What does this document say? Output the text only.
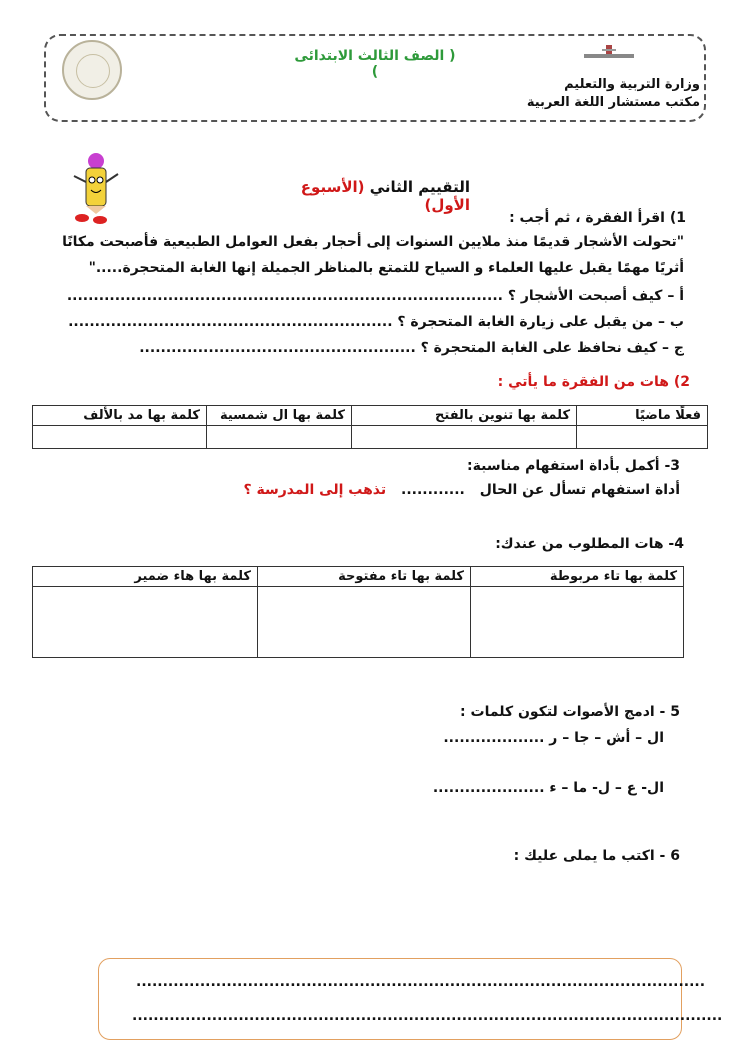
( الصف الثالث الابتدائى )
وزارة التربية والتعليم
مكتب مستشار اللغة العربية
التقييم الثاني (الأسبوع الأول)
1) اقرأ الفقرة ، ثم أجب :
"تحولت الأشجار قديمًا منذ ملايين السنوات إلى أحجار بفعل العوامل الطبيعية فأصبحت مكانًا
أثريًا مهمًا يقبل عليها العلماء و السياح للتمتع بالمناظر الجميلة إنها الغابة المتحجرة....."
أ – كيف أصبحت الأشجار ؟ ..................................................................................
ب – من يقبل على زيارة الغابة المتحجرة ؟ .............................................................
ج – كيف نحافظ على الغابة المتحجرة ؟ ....................................................
2) هات من الفقرة ما يأتي :
فعلًا ماضيًا	كلمة بها تنوين بالفتح	كلمة بها ال شمسية	كلمة بها مد بالألف

3- أكمل بأداة استفهام مناسبة:
أداة استفهام تسأل عن الحال ............ تذهب إلى المدرسة ؟
4- هات المطلوب من عندك:
كلمة بها تاء مربوطة	كلمة بها تاء مفتوحة	كلمة بها هاء ضمير

5 - ادمج الأصوات لتكون كلمات :
ال – أش – جا – ر ...................
ال- ع – ل- ما – ء .....................
6 - اكتب ما يملى عليك :
...........................................................................................................
...............................................................................................................
